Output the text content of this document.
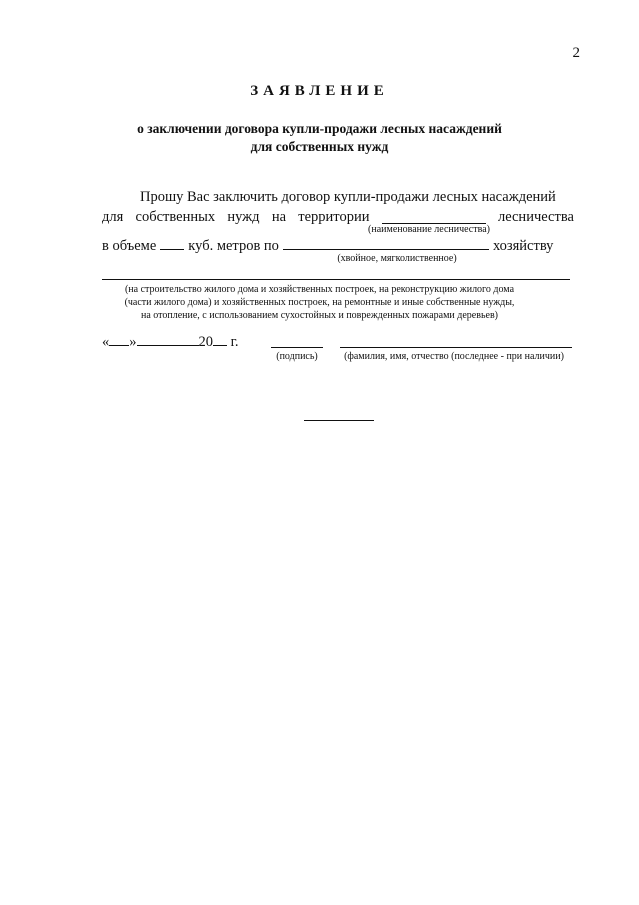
2
ЗАЯВЛЕНИЕ
о заключении договора купли-продажи лесных насаждений
для собственных нужд
Прошу Вас заключить договор купли-продажи лесных насаждений
для собственных нужд на территории	лесничества
(наименование лесничества)
в объеме куб. метров по	хозяйству
(хвойное, мягколиственное)
(на строительство жилого дома и хозяйственных построек, на реконструкцию жилого дома
(части жилого дома) и хозяйственных построек, на ремонтные и иные собственные нужды,
на отопление, с использованием сухостойных и поврежденных пожарами деревьев)
« »	20 г.
(подпись)	(фамилия, имя, отчество (последнее - при наличии)
